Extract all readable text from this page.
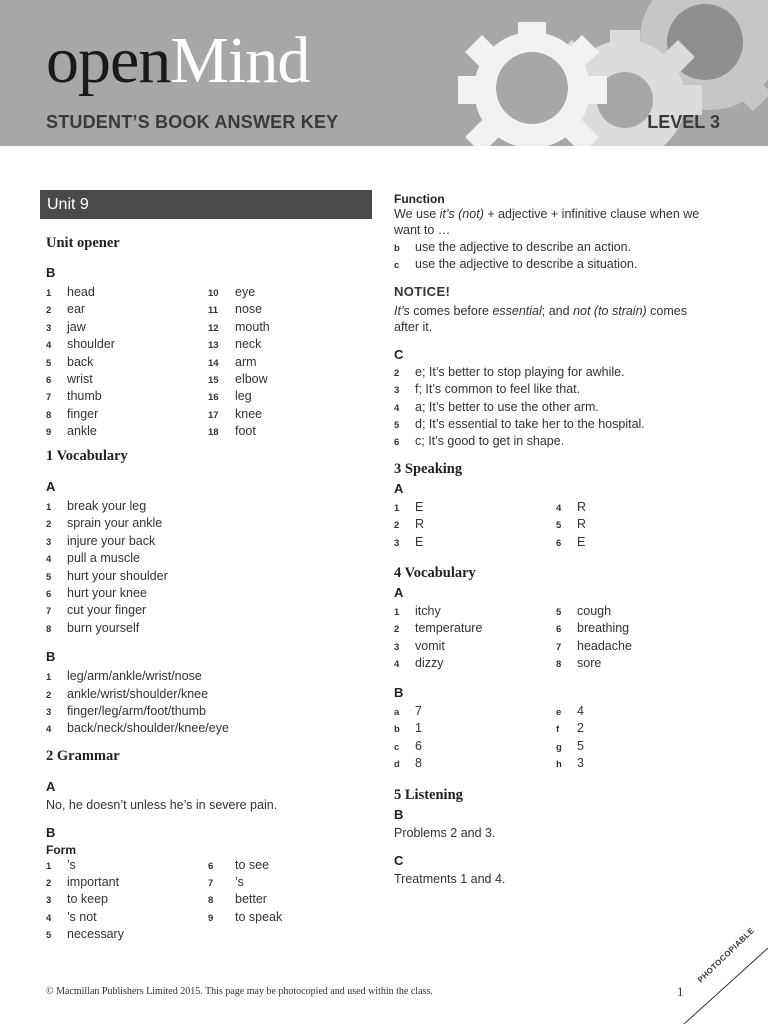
openMind
STUDENT’S BOOK ANSWER KEY	LEVEL 3
Unit 9
Unit opener
B
1 head
2 ear
3 jaw
4 shoulder
5 back
6 wrist
7 thumb
8 finger
9 ankle
10 eye
11 nose
12 mouth
13 neck
14 arm
15 elbow
16 leg
17 knee
18 foot
1 Vocabulary
A
1 break your leg
2 sprain your ankle
3 injure your back
4 pull a muscle
5 hurt your shoulder
6 hurt your knee
7 cut your finger
8 burn yourself
B
1 leg/arm/ankle/wrist/nose
2 ankle/wrist/shoulder/knee
3 finger/leg/arm/foot/thumb
4 back/neck/shoulder/knee/eye
2 Grammar
A
No, he doesn’t unless he’s in severe pain.
B
Form
1 ’s
2 important
3 to keep
4 ’s not
5 necessary
6 to see
7 ’s
8 better
9 to speak
Function
We use it’s (not) + adjective + infinitive clause when we want to …
b use the adjective to describe an action.
c use the adjective to describe a situation.
NOTICE!
It’s comes before essential; and not (to strain) comes after it.
C
2 e; It’s better to stop playing for awhile.
3 f; It’s common to feel like that.
4 a; It’s better to use the other arm.
5 d; It’s essential to take her to the hospital.
6 c; It’s good to get in shape.
3 Speaking
A
1 E
2 R
3 E
4 R
5 R
6 E
4 Vocabulary
A
1 itchy
2 temperature
3 vomit
4 dizzy
5 cough
6 breathing
7 headache
8 sore
B
a 7
b 1
c 6
d 8
e 4
f 2
g 5
h 3
5 Listening
B
Problems 2 and 3.
C
Treatments 1 and 4.
© Macmillan Publishers Limited 2015. This page may be photocopied and used within the class.	1
PHOTOCOPIABLE
